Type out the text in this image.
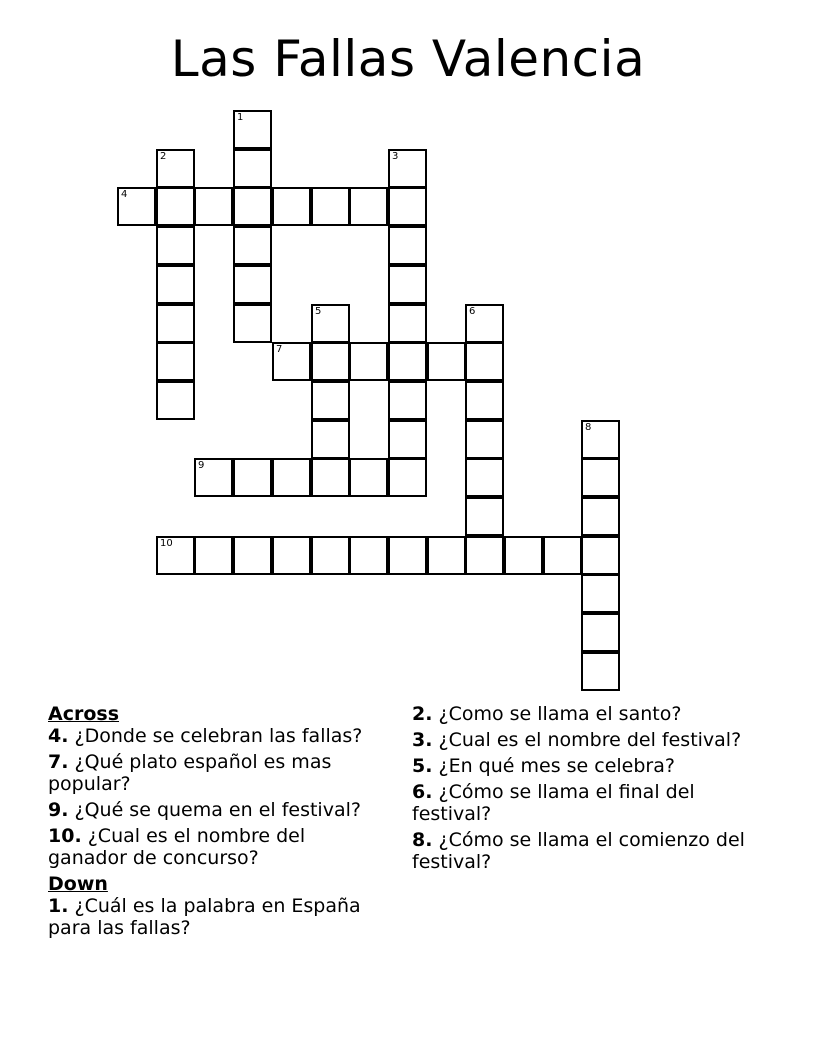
Las Fallas Valencia
1
2	3
4
5	6
7
8
9
10

Across

4. ¿Donde se celebran las fallas?

7. ¿Qué plato español es mas popular?

9. ¿Qué se quema en el festival?

10. ¿Cual es el nombre del ganador de concurso?

Down

1. ¿Cuál es la palabra en España para las fallas?

2. ¿Como se llama el santo?

3. ¿Cual es el nombre del festival?

5. ¿En qué mes se celebra?

6. ¿Cómo se llama el final del festival?

8. ¿Cómo se llama el comienzo del festival?
